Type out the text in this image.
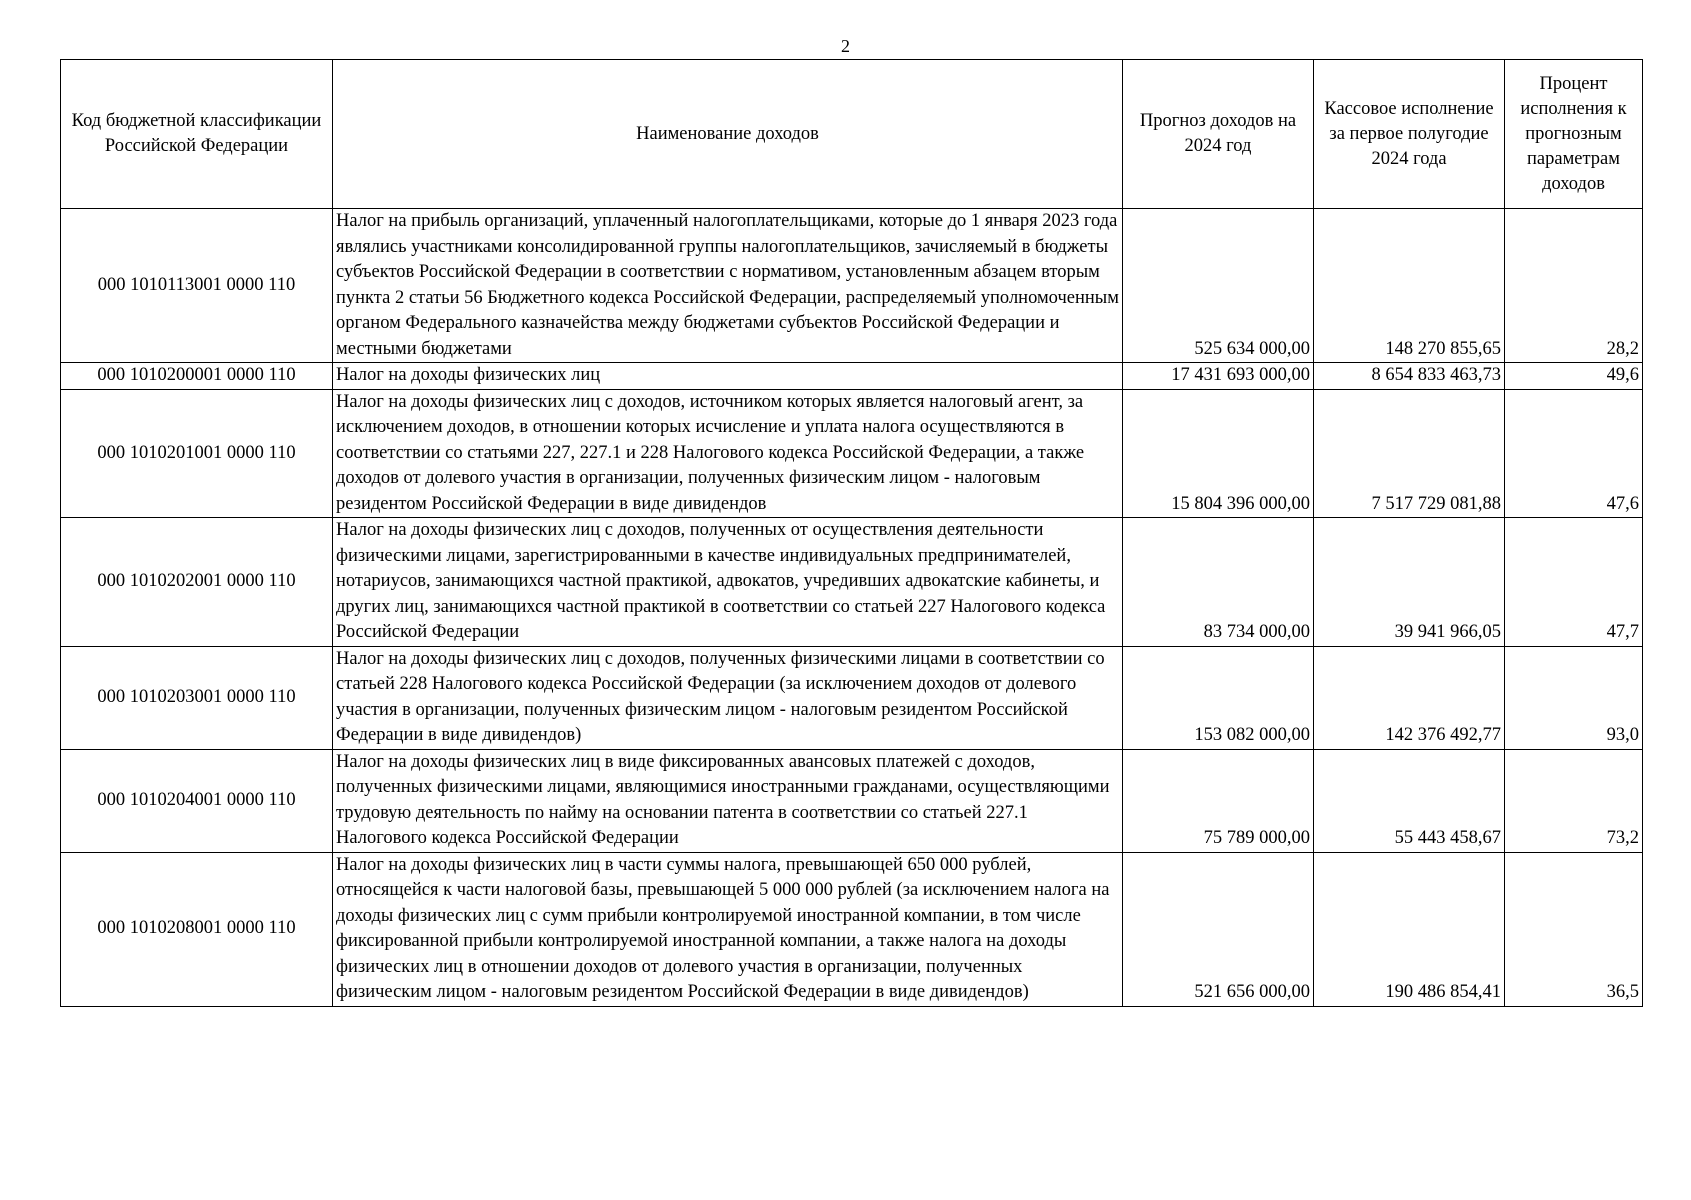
2
Код бюджетной классификации Российской Федерации	Наименование доходов	Прогноз доходов на 2024 год	Кассовое исполнение за первое полугодие 2024 года	Процент исполнения к прогнозным параметрам доходов
000 1010113001 0000 110	Налог на прибыль организаций, уплаченный налогоплательщиками, которые до 1 января 2023 года являлись участниками консолидированной группы налогоплательщиков, зачисляемый в бюджеты субъектов Российской Федерации в соответствии с нормативом, установленным абзацем вторым пункта 2 статьи 56 Бюджетного кодекса Российской Федерации, распределяемый уполномоченным органом Федерального казначейства между бюджетами субъектов Российской Федерации и местными бюджетами	525 634 000,00	148 270 855,65	28,2
000 1010200001 0000 110	Налог на доходы физических лиц	17 431 693 000,00	8 654 833 463,73	49,6
000 1010201001 0000 110	Налог на доходы физических лиц с доходов, источником которых является налоговый агент, за исключением доходов, в отношении которых исчисление и уплата налога осуществляются в соответствии со статьями 227, 227.1 и 228 Налогового кодекса Российской Федерации, а также доходов от долевого участия в организации, полученных физическим лицом - налоговым резидентом Российской Федерации в виде дивидендов	15 804 396 000,00	7 517 729 081,88	47,6
000 1010202001 0000 110	Налог на доходы физических лиц с доходов, полученных от осуществления деятельности физическими лицами, зарегистрированными в качестве индивидуальных предпринимателей, нотариусов, занимающихся частной практикой, адвокатов, учредивших адвокатские кабинеты, и других лиц, занимающихся частной практикой в соответствии со статьей 227 Налогового кодекса Российской Федерации	83 734 000,00	39 941 966,05	47,7
000 1010203001 0000 110	Налог на доходы физических лиц с доходов, полученных физическими лицами в соответствии со статьей 228 Налогового кодекса Российской Федерации (за исключением доходов от долевого участия в организации, полученных физическим лицом - налоговым резидентом Российской Федерации в виде дивидендов)	153 082 000,00	142 376 492,77	93,0
000 1010204001 0000 110	Налог на доходы физических лиц в виде фиксированных авансовых платежей с доходов, полученных физическими лицами, являющимися иностранными гражданами, осуществляющими трудовую деятельность по найму на основании патента в соответствии со статьей 227.1 Налогового кодекса Российской Федерации	75 789 000,00	55 443 458,67	73,2
000 1010208001 0000 110	Налог на доходы физических лиц в части суммы налога, превышающей 650 000 рублей, относящейся к части налоговой базы, превышающей 5 000 000 рублей (за исключением налога на доходы физических лиц с сумм прибыли контролируемой иностранной компании, в том числе фиксированной прибыли контролируемой иностранной компании, а также налога на доходы физических лиц в отношении доходов от долевого участия в организации, полученных физическим лицом - налоговым резидентом Российской Федерации в виде дивидендов)	521 656 000,00	190 486 854,41	36,5
